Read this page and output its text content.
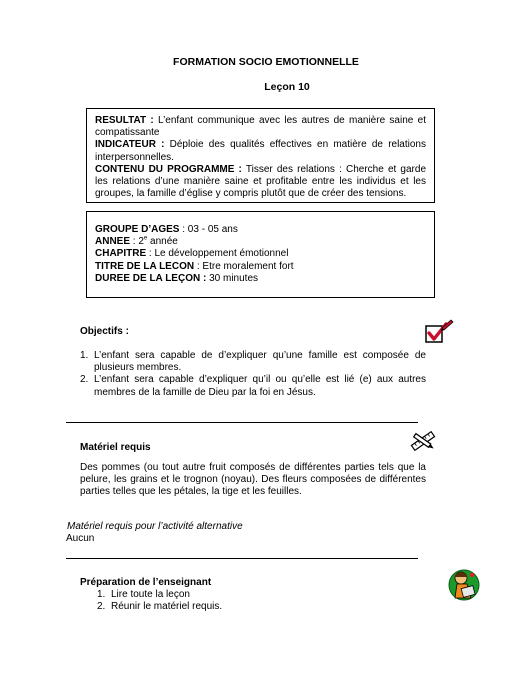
FORMATION SOCIO EMOTIONNELLE
Leçon 10

RESULTAT : L’enfant communique avec les autres de manière saine et compatissante

INDICATEUR : Déploie des qualités effectives en matière de relations interpersonnelles.

CONTENU DU PROGRAMME : Tisser des relations : Cherche et garde les relations d’une manière saine et profitable entre les individus et les groupes, la famille d’église y compris plutôt que de créer des tensions.

GROUPE D’AGES : 03 - 05 ans

ANNEE : 2e année

CHAPITRE : Le développement émotionnel

TITRE DE LA LECON : Etre moralement fort

DUREE DE LA LEÇON : 30 minutes

Objectifs :
1. L’enfant sera capable de d’expliquer qu’une famille est composée de plusieurs membres.
2. L’enfant sera capable d’expliquer qu’il ou qu’elle est lié (e) aux autres membres de la famille de Dieu par la foi en Jésus.
Matériel requis
Des pommes (ou tout autre fruit composés de différentes parties tels que la pelure, les grains et le trognon (noyau). Des fleurs composées de différentes parties telles que les pétales, la tige et les feuilles.
Matériel requis pour l’activité alternative
Aucun
Préparation de l’enseignant
1. Lire toute la leçon
2. Réunir le matériel requis.
